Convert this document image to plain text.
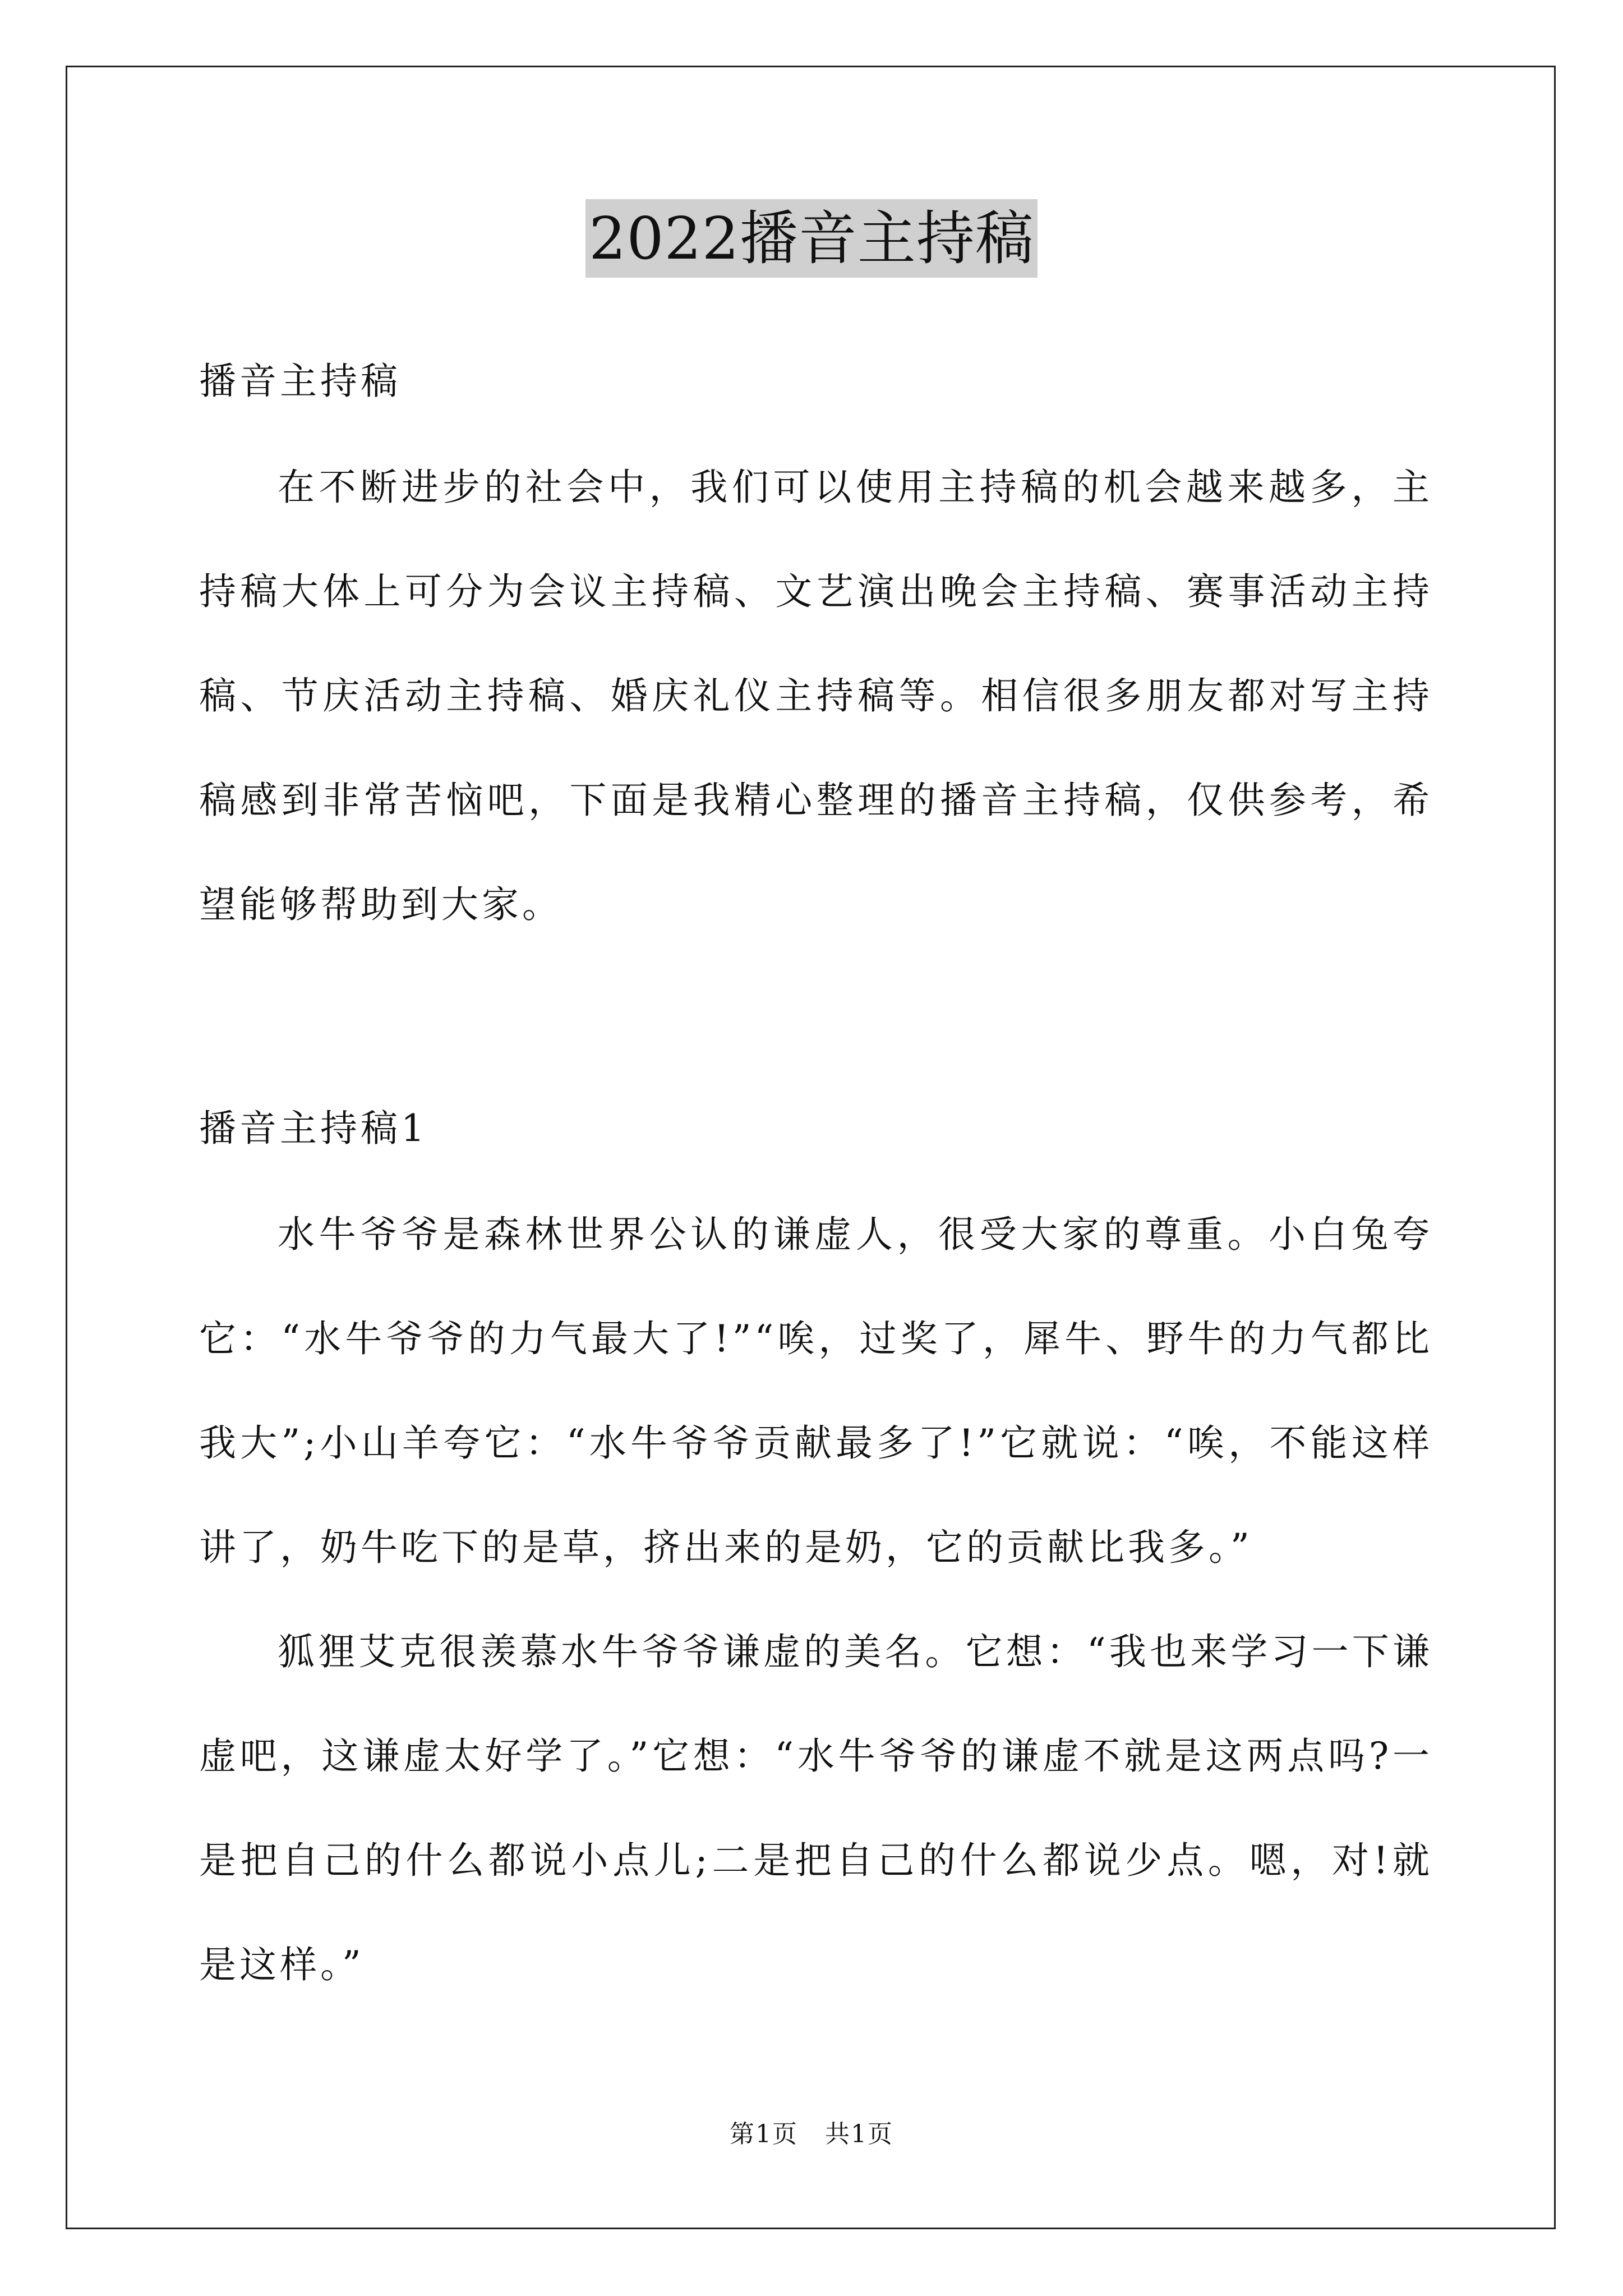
2022播音主持稿
播音主持稿

在不断进步的社会中，我们可以使用主持稿的机会越来越多，主持稿大体上可分为会议主持稿、文艺演出晚会主持稿、赛事活动主持稿、节庆活动主持稿、婚庆礼仪主持稿等。相信很多朋友都对写主持稿感到非常苦恼吧，下面是我精心整理的播音主持稿，仅供参考，希望能够帮助到大家。

播音主持稿1

水牛爷爷是森林世界公认的谦虚人，很受大家的尊重。小白兔夸它：“水牛爷爷的力气最大了!”“唉，过奖了，犀牛、野牛的力气都比我大”;小山羊夸它：“水牛爷爷贡献最多了!”它就说：“唉，不能这样讲了，奶牛吃下的是草，挤出来的是奶，它的贡献比我多。”

狐狸艾克很羡慕水牛爷爷谦虚的美名。它想：“我也来学习一下谦虚吧，这谦虚太好学了。”它想：“水牛爷爷的谦虚不就是这两点吗?一是把自己的什么都说小点儿;二是把自己的什么都说少点。嗯，对!就是这样。”

第1页 共1页
